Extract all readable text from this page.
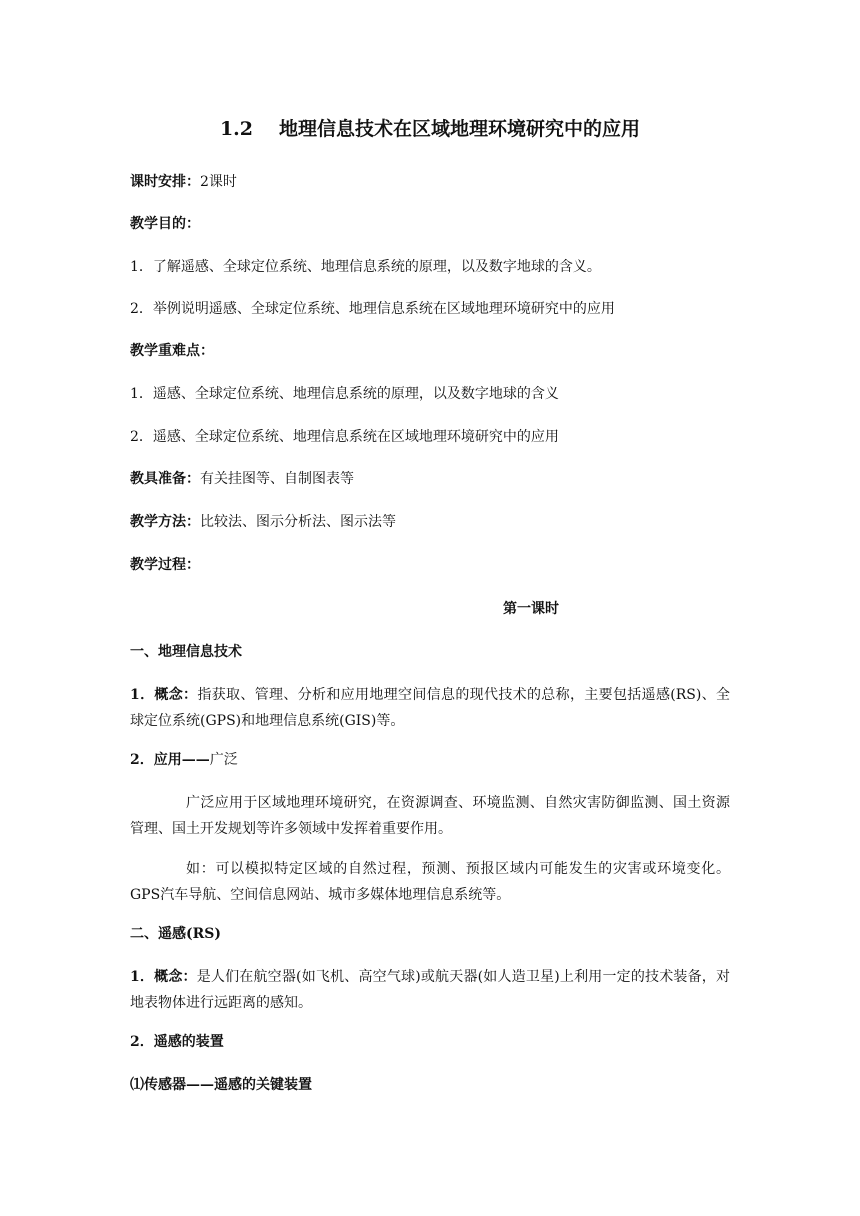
1.2 地理信息技术在区域地理环境研究中的应用
课时安排：2课时
教学目的：
1．了解遥感、全球定位系统、地理信息系统的原理，以及数字地球的含义。
2．举例说明遥感、全球定位系统、地理信息系统在区域地理环境研究中的应用
教学重难点：
1．遥感、全球定位系统、地理信息系统的原理，以及数字地球的含义
2．遥感、全球定位系统、地理信息系统在区域地理环境研究中的应用
教具准备：有关挂图等、自制图表等
教学方法：比较法、图示分析法、图示法等
教学过程：
第一课时
一、地理信息技术
1．概念：指获取、管理、分析和应用地理空间信息的现代技术的总称，主要包括遥感(RS)、全球定位系统(GPS)和地理信息系统(GIS)等。
2．应用——广泛
广泛应用于区域地理环境研究，在资源调查、环境监测、自然灾害防御监测、国土资源管理、国土开发规划等许多领域中发挥着重要作用。
如：可以模拟特定区域的自然过程，预测、预报区域内可能发生的灾害或环境变化。GPS汽车导航、空间信息网站、城市多媒体地理信息系统等。
二、遥感(RS)
1．概念：是人们在航空器(如飞机、高空气球)或航天器(如人造卫星)上利用一定的技术装备，对地表物体进行远距离的感知。
2．遥感的装置
⑴传感器——遥感的关键装置
